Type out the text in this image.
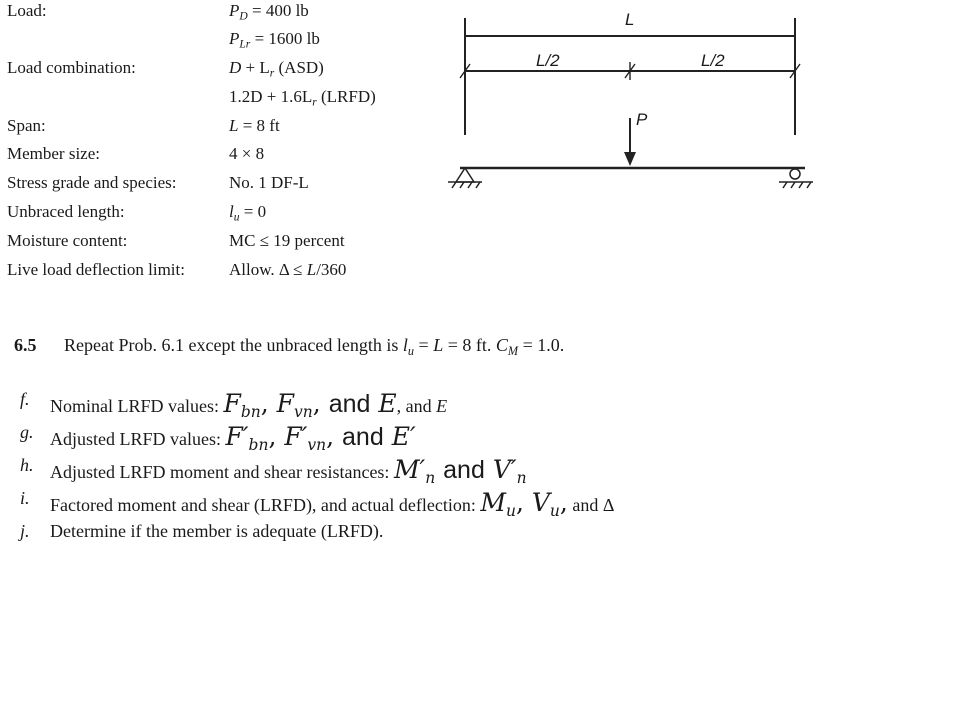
Load:	$P_D = 400$ lb
$P_{Lr} = 1600$ lb
Load combination:	$D + L_r$ (ASD)
$1.2D + 1.6L_r$ (LRFD)
Span:	L = 8 ft
Member size:	4 × 8
Stress grade and species:	No. 1 DF-L
Unbraced length:	$l_u = 0$
Moisture content:	MC ≤ 19 percent
Live load deflection limit:	Allow. Δ ≤ L/360
L
L/2	L/2
P
6.5 Repeat Prob. 6.1 except the unbraced length is $l_u = L = 8$ ft. $C_M = 1.0$.
f. Nominal LRFD values: $F_{bn}$, $F_{vn}$, and E, and E
g. Adjusted LRFD values: $F'_{bn}$, $F'_{vn}$, and E′
h. Adjusted LRFD moment and shear resistances: $M'_n$ and $V'_n$
i. Factored moment and shear (LRFD), and actual deflection: $M_u$, $V_u$, and Δ
j. Determine if the member is adequate (LRFD).
